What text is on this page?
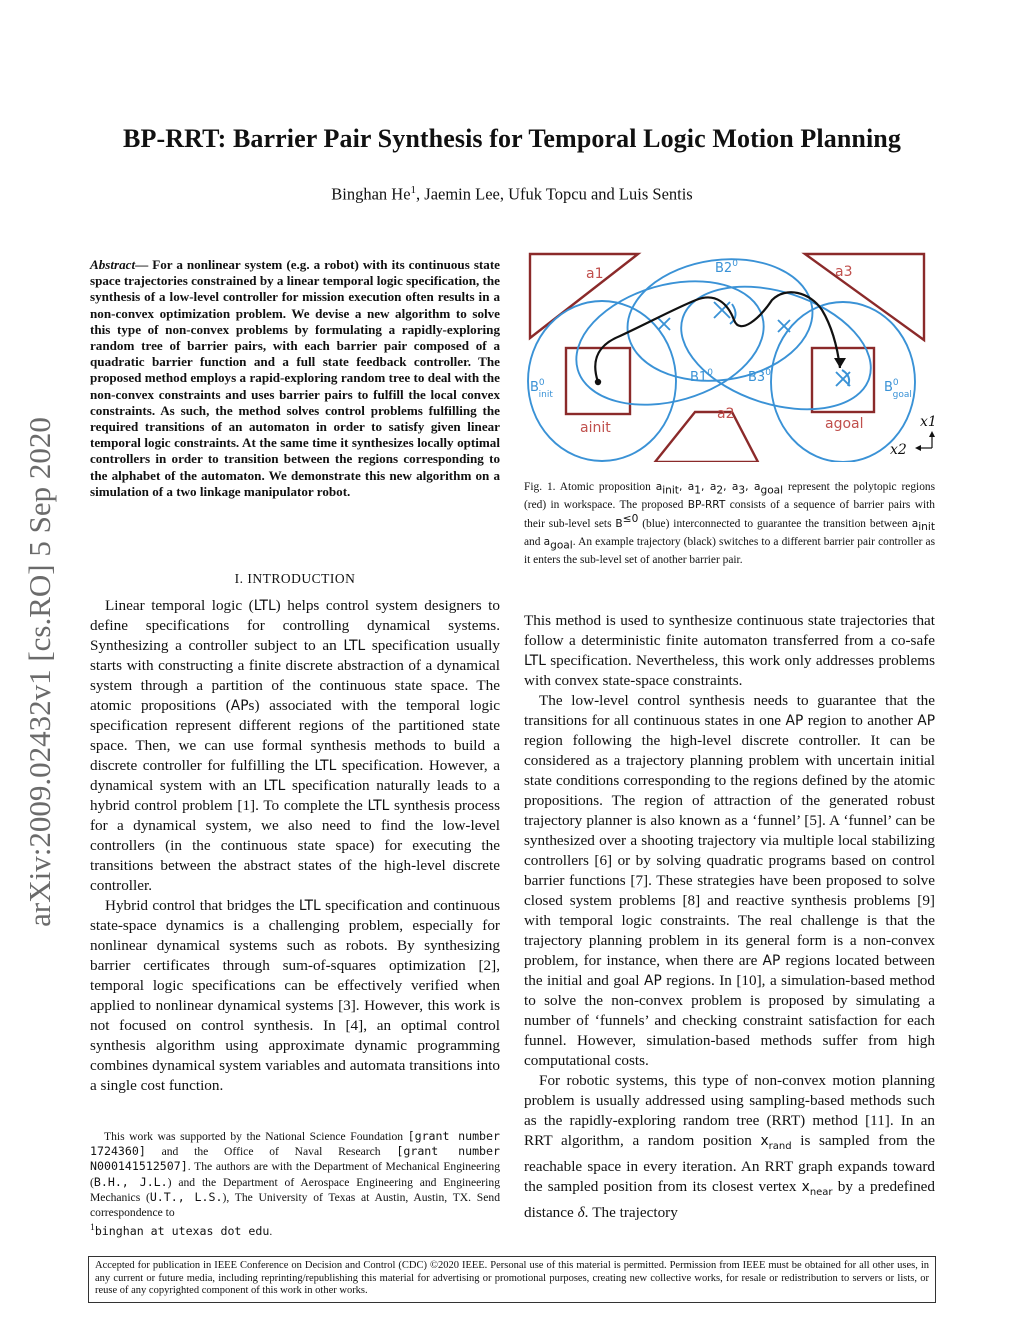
BP-RRT: Barrier Pair Synthesis for Temporal Logic Motion Planning
Binghan He$^1$, Jaemin Lee, Ufuk Topcu and Luis Sentis
arXiv:2009.02432v1 [cs.RO] 5 Sep 2020
Abstract— For a nonlinear system (e.g. a robot) with its continuous state space trajectories constrained by a linear temporal logic specification, the synthesis of a low-level controller for mission execution often results in a non-convex optimization problem. We devise a new algorithm to solve this type of non-convex problems by formulating a rapidly-exploring random tree of barrier pairs, with each barrier pair composed of a quadratic barrier function and a full state feedback controller. The proposed method employs a rapid-exploring random tree to deal with the non-convex constraints and uses barrier pairs to fulfill the local convex constraints. As such, the method solves control problems fulfilling the required transitions of an automaton in order to satisfy given linear temporal logic constraints. At the same time it synthesizes locally optimal controllers in order to transition between the regions corresponding to the alphabet of the automaton. We demonstrate this new algorithm on a simulation of a two linkage manipulator robot.
I. INTRODUCTION

Linear temporal logic (LTL) helps control system designers to define specifications for controlling dynamical systems. Synthesizing a controller subject to an LTL specification usually starts with constructing a finite discrete abstraction of a dynamical system through a partition of the continuous state space. The atomic propositions (APs) associated with the temporal logic specification represent different regions of the partitioned state space. Then, we can use formal synthesis methods to build a discrete controller for fulfilling the LTL specification. However, a dynamical system with an LTL specification naturally leads to a hybrid control problem [1]. To complete the LTL synthesis process for a dynamical system, we also need to find the low-level controllers (in the continuous state space) for executing the transitions between the abstract states of the high-level discrete controller.

Hybrid control that bridges the LTL specification and continuous state-space dynamics is a challenging problem, especially for nonlinear dynamical systems such as robots. By synthesizing barrier certificates through sum-of-squares optimization [2], temporal logic specifications can be effectively verified when applied to nonlinear dynamical systems [3]. However, this work is not focused on control synthesis. In [4], an optimal control synthesis algorithm using approximate dynamic programming combines dynamical system variables and automata transitions into a single cost function.

This work was supported by the National Science Foundation [grant number 1724360] and the Office of Naval Research [grant number N000141512507]. The authors are with the Department of Mechanical Engineering (B.H., J.L.) and the Department of Aerospace Engineering and Engineering Mechanics (U.T., L.S.), The University of Texas at Austin, Austin, TX. Send correspondence to
$^1$binghan at utexas dot edu.

a1	a3
a2
ainit	agoal
$B2^0$
$B1^0$	$B3^0$
$B^0$ init	$B^0$ goal
x1
x2
Fig. 1. Atomic proposition $a_{init}$, $a_1$, $a_2$, $a_3$, $a_{goal}$ represent the polytopic regions (red) in workspace. The proposed BP-RRT consists of a sequence of barrier pairs with their sub-level sets $B^{\le 0}$ (blue) interconnected to guarantee the transition between $a_{init}$ and $a_{goal}$. An example trajectory (black) switches to a different barrier pair controller as it enters the sub-level set of another barrier pair.

This method is used to synthesize continuous state trajectories that follow a deterministic finite automaton transferred from a co-safe LTL specification. Nevertheless, this work only addresses problems with convex state-space constraints.

The low-level control synthesis needs to guarantee that the transitions for all continuous states in one AP region to another AP region following the high-level discrete controller. It can be considered as a trajectory planning problem with uncertain initial state conditions corresponding to the regions defined by the atomic propositions. The region of attraction of the generated robust trajectory planner is also known as a ‘funnel’ [5]. A ‘funnel’ can be synthesized over a shooting trajectory via multiple local stabilizing controllers [6] or by solving quadratic programs based on control barrier functions [7]. These strategies have been proposed to solve closed system problems [8] and reactive synthesis problems [9] with temporal logic constraints. The real challenge is that the trajectory planning problem in its general form is a non-convex problem, for instance, when there are AP regions located between the initial and goal AP regions. In [10], a simulation-based method to solve the non-convex problem is proposed by simulating a number of ‘funnels’ and checking constraint satisfaction for each funnel. However, simulation-based methods suffer from high computational costs.

For robotic systems, this type of non-convex motion planning problem is usually addressed using sampling-based methods such as the rapidly-exploring random tree (RRT) method [11]. In an RRT algorithm, a random position $x_{rand}$ is sampled from the reachable space in every iteration. An RRT graph expands toward the sampled position from its closest vertex $x_{near}$ by a predefined distance δ. The trajectory

Accepted for publication in IEEE Conference on Decision and Control (CDC) ©2020 IEEE. Personal use of this material is permitted. Permission from IEEE must be obtained for all other uses, in any current or future media, including reprinting/republishing this material for advertising or promotional purposes, creating new collective works, for resale or redistribution to servers or lists, or reuse of any copyrighted component of this work in other works.
